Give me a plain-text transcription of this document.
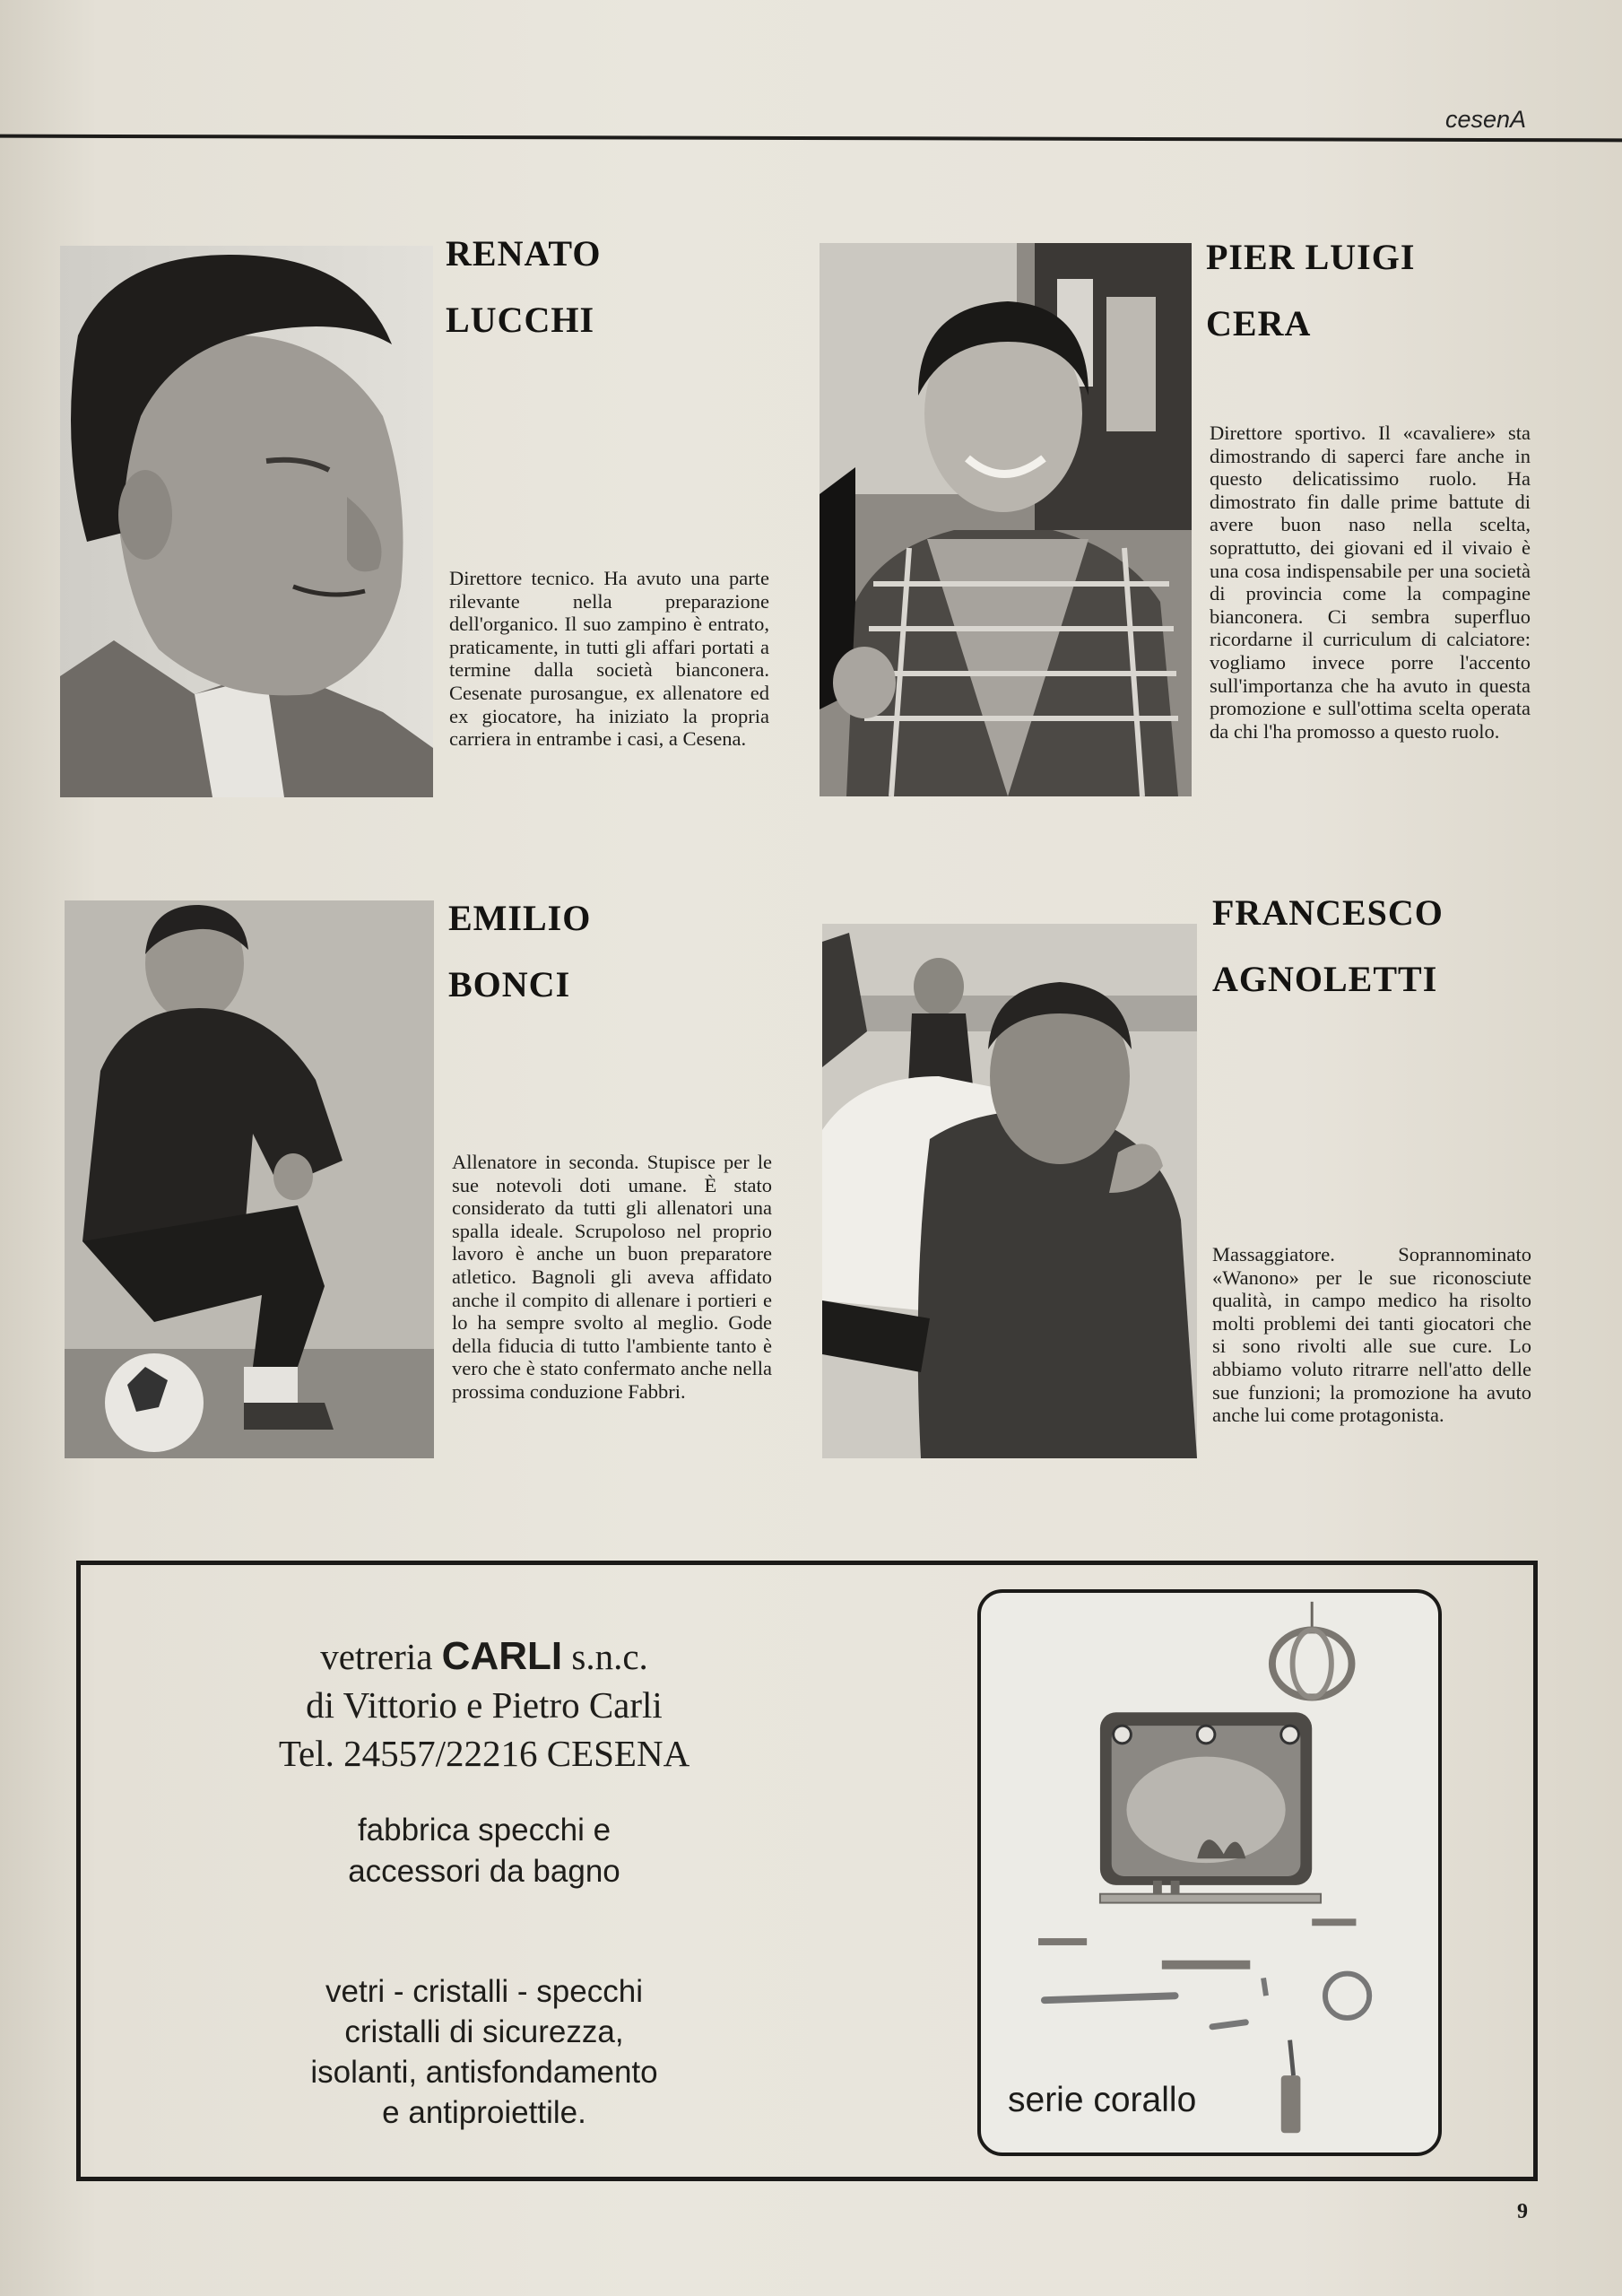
cesenA
RENATO
LUCCHI
Direttore tecnico. Ha avuto una parte rilevante nella preparazione dell'organico. Il suo zampino è entrato, praticamente, in tutti gli affari portati a termine dalla società bianconera. Cesenate purosangue, ex allenatore ed ex giocatore, ha iniziato la propria carriera in entrambe i casi, a Cesena.
PIER LUIGI
CERA
Direttore sportivo. Il «cavaliere» sta dimostrando di saperci fare anche in questo delicatissimo ruolo. Ha dimostrato fin dalle prime battute di avere buon naso nella scelta, soprattutto, dei giovani ed il vivaio è una cosa indispensabile per una società di provincia come la compagine bianconera. Ci sembra superfluo ricordarne il curriculum di calciatore: vogliamo invece porre l'accento sull'importanza che ha avuto in questa promozione e sull'ottima scelta operata da chi l'ha promosso a questo ruolo.
EMILIO
BONCI
Allenatore in seconda. Stupisce per le sue notevoli doti umane. È stato considerato da tutti gli allenatori una spalla ideale. Scrupoloso nel proprio lavoro è anche un buon preparatore atletico. Bagnoli gli aveva affidato anche il compito di allenare i portieri e lo ha sempre svolto al meglio. Gode della fiducia di tutto l'ambiente tanto è vero che è stato confermato anche nella prossima conduzione Fabbri.
FRANCESCO
AGNOLETTI
Massaggiatore. Soprannominato «Wanono» per le sue riconosciute qualità, in campo medico ha risolto molti problemi dei tanti giocatori che si sono rivolti alle sue cure. Lo abbiamo voluto ritrarre nell'atto delle sue funzioni; la promozione ha avuto anche lui come protagonista.
vetreria CARLI s.n.c.
di Vittorio e Pietro Carli
Tel. 24557/22216 CESENA
fabbrica specchi e
accessori da bagno
vetri - cristalli - specchi
cristalli di sicurezza,
isolanti, antisfondamento
e antiproiettile.	serie corallo
9
